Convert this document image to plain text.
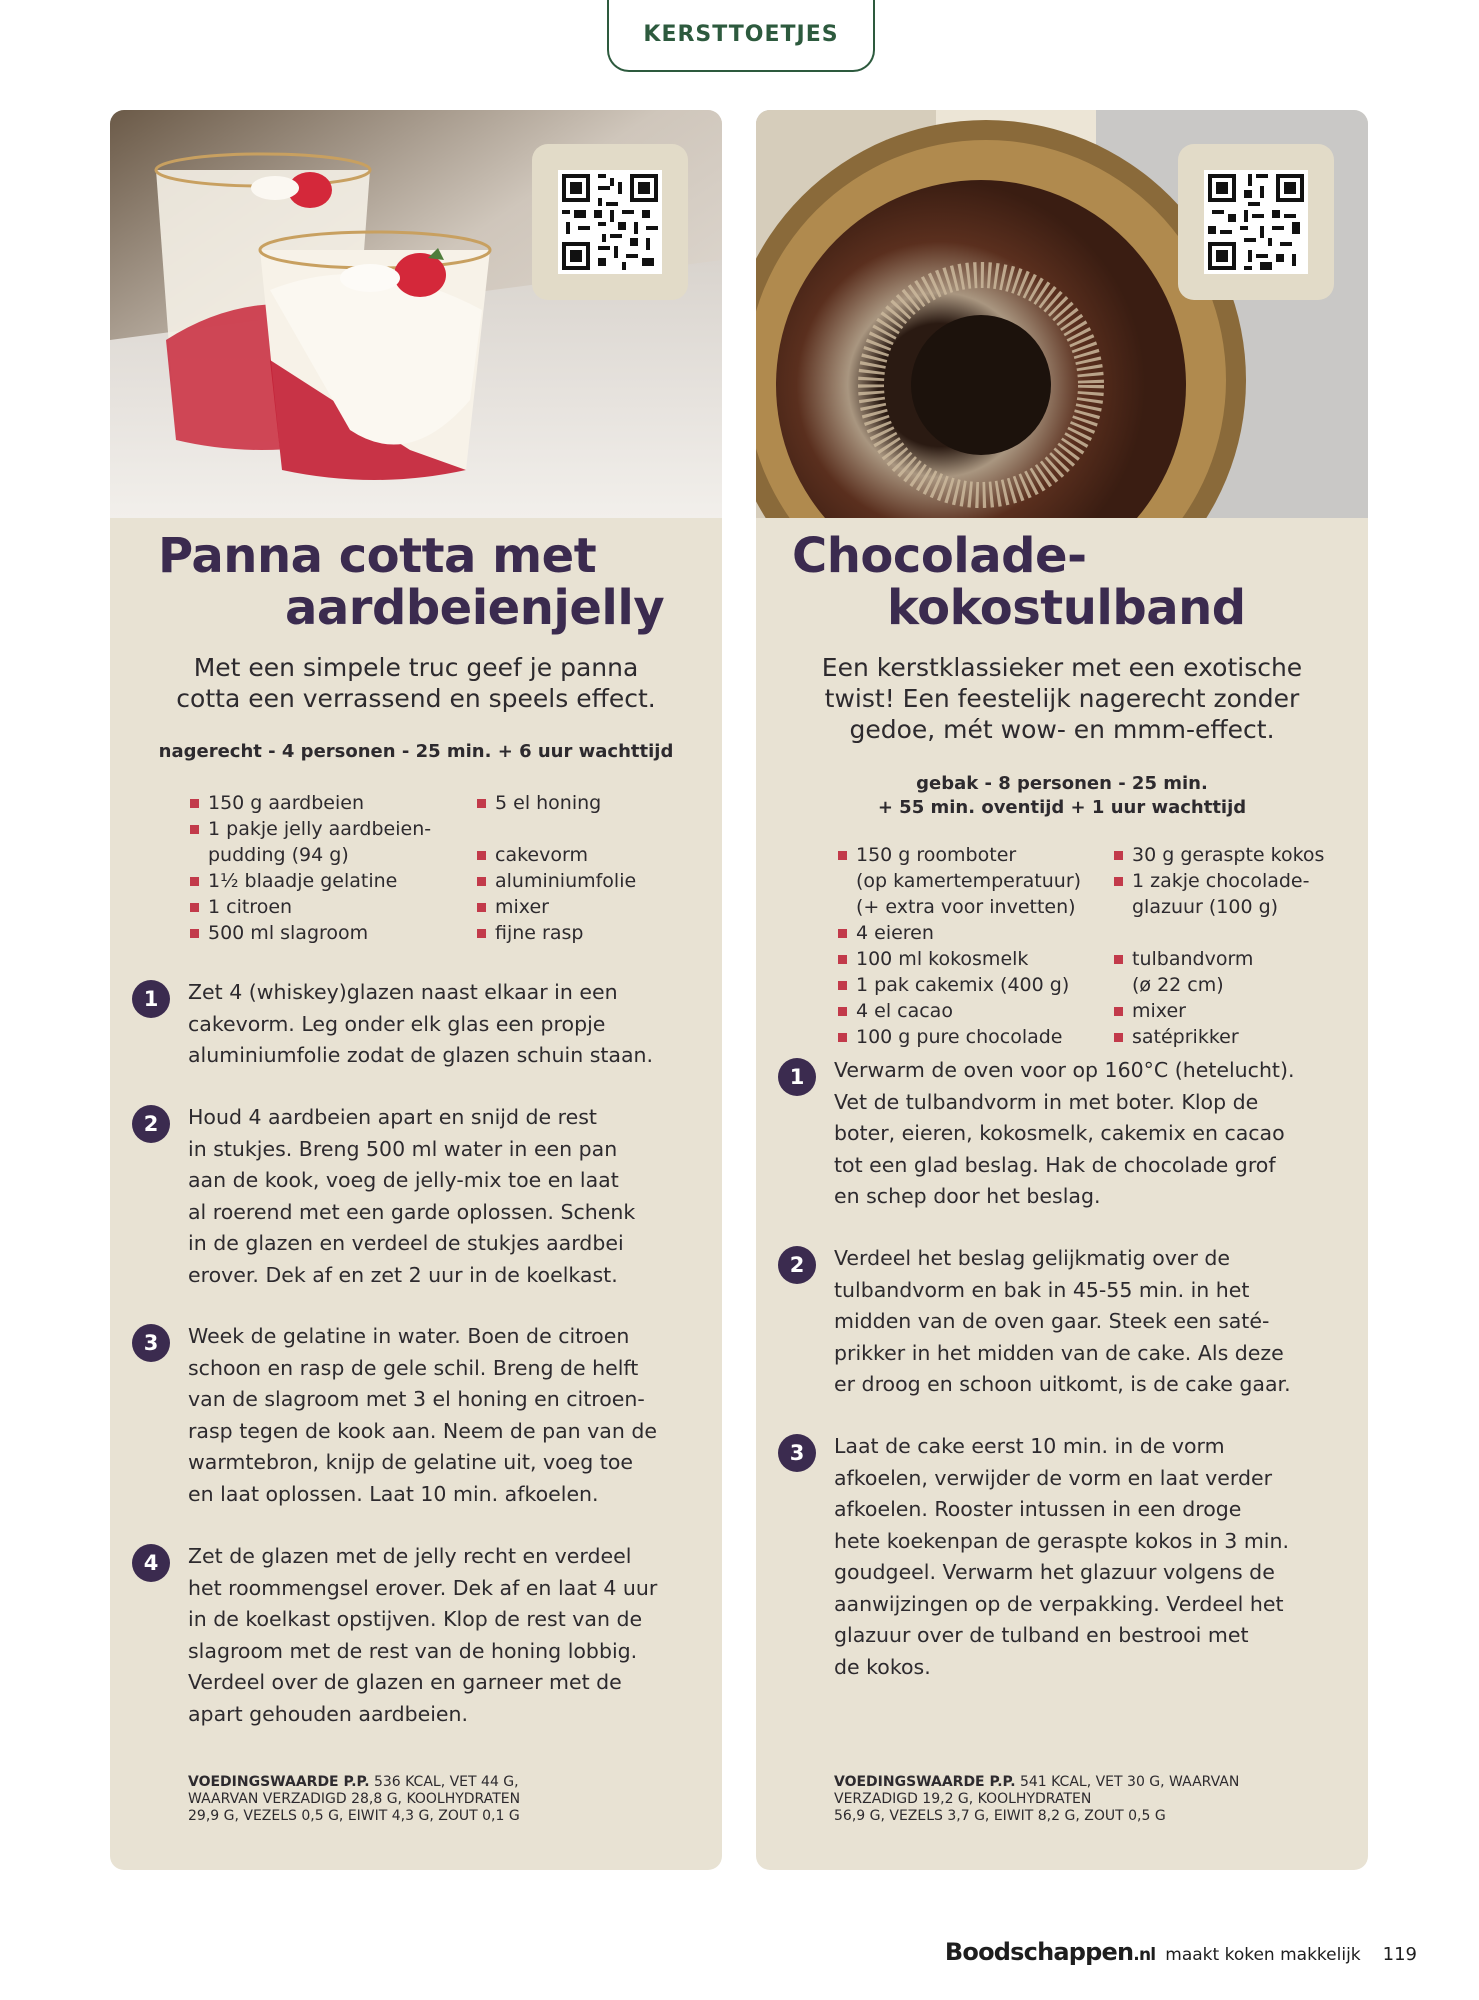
KERSTTOETJES
Panna cotta met
aardbeienjelly
Met een simpele truc geef je panna
cotta een verrassend en speels effect.
nagerecht - 4 personen - 25 min. + 6 uur wachttijd
150 g aardbeien
1 pakje jelly aardbeien-
pudding (94 g)
1½ blaadje gelatine
1 citroen
500 ml slagroom
5 el honing
cakevorm
aluminiumfolie
mixer
fijne rasp
1	Zet 4 (whiskey)glazen naast elkaar in een
cakevorm. Leg onder elk glas een propje
aluminiumfolie zodat de glazen schuin staan.
2	Houd 4 aardbeien apart en snijd de rest
in stukjes. Breng 500 ml water in een pan
aan de kook, voeg de jelly-mix toe en laat
al roerend met een garde oplossen. Schenk
in de glazen en verdeel de stukjes aardbei
erover. Dek af en zet 2 uur in de koelkast.
3	Week de gelatine in water. Boen de citroen
schoon en rasp de gele schil. Breng de helft
van de slagroom met 3 el honing en citroen-
rasp tegen de kook aan. Neem de pan van de
warmtebron, knijp de gelatine uit, voeg toe
en laat oplossen. Laat 10 min. afkoelen.
4	Zet de glazen met de jelly recht en verdeel
het roommengsel erover. Dek af en laat 4 uur
in de koelkast opstijven. Klop de rest van de
slagroom met de rest van de honing lobbig.
Verdeel over de glazen en garneer met de
apart gehouden aardbeien.
VOEDINGSWAARDE P.P. 536 KCAL, VET 44 G,
WAARVAN VERZADIGD 28,8 G, KOOLHYDRATEN
29,9 G, VEZELS 0,5 G, EIWIT 4,3 G, ZOUT 0,1 G
Chocolade-
kokostulband
Een kerstklassieker met een exotische
twist! Een feestelijk nagerecht zonder
gedoe, mét wow- en mmm-effect.
gebak - 8 personen - 25 min.
+ 55 min. oventijd + 1 uur wachttijd
150 g roomboter
(op kamertemperatuur)
(+ extra voor invetten)
4 eieren
100 ml kokosmelk
1 pak cakemix (400 g)
4 el cacao
100 g pure chocolade
30 g geraspte kokos
1 zakje chocolade-
glazuur (100 g)
tulbandvorm
(ø 22 cm)
mixer
satéprikker
1	Verwarm de oven voor op 160°C (hetelucht).
Vet de tulbandvorm in met boter. Klop de
boter, eieren, kokosmelk, cakemix en cacao
tot een glad beslag. Hak de chocolade grof
en schep door het beslag.
2	Verdeel het beslag gelijkmatig over de
tulbandvorm en bak in 45-55 min. in het
midden van de oven gaar. Steek een saté-
prikker in het midden van de cake. Als deze
er droog en schoon uitkomt, is de cake gaar.
3	Laat de cake eerst 10 min. in de vorm
afkoelen, verwijder de vorm en laat verder
afkoelen. Rooster intussen in een droge
hete koekenpan de geraspte kokos in 3 min.
goudgeel. Verwarm het glazuur volgens de
aanwijzingen op de verpakking. Verdeel het
glazuur over de tulband en bestrooi met
de kokos.
VOEDINGSWAARDE P.P. 541 KCAL, VET 30 G, WAARVAN
VERZADIGD 19,2 G, KOOLHYDRATEN
56,9 G, VEZELS 3,7 G, EIWIT 8,2 G, ZOUT 0,5 G
Boodschappen.nl maakt koken makkelijk 119
